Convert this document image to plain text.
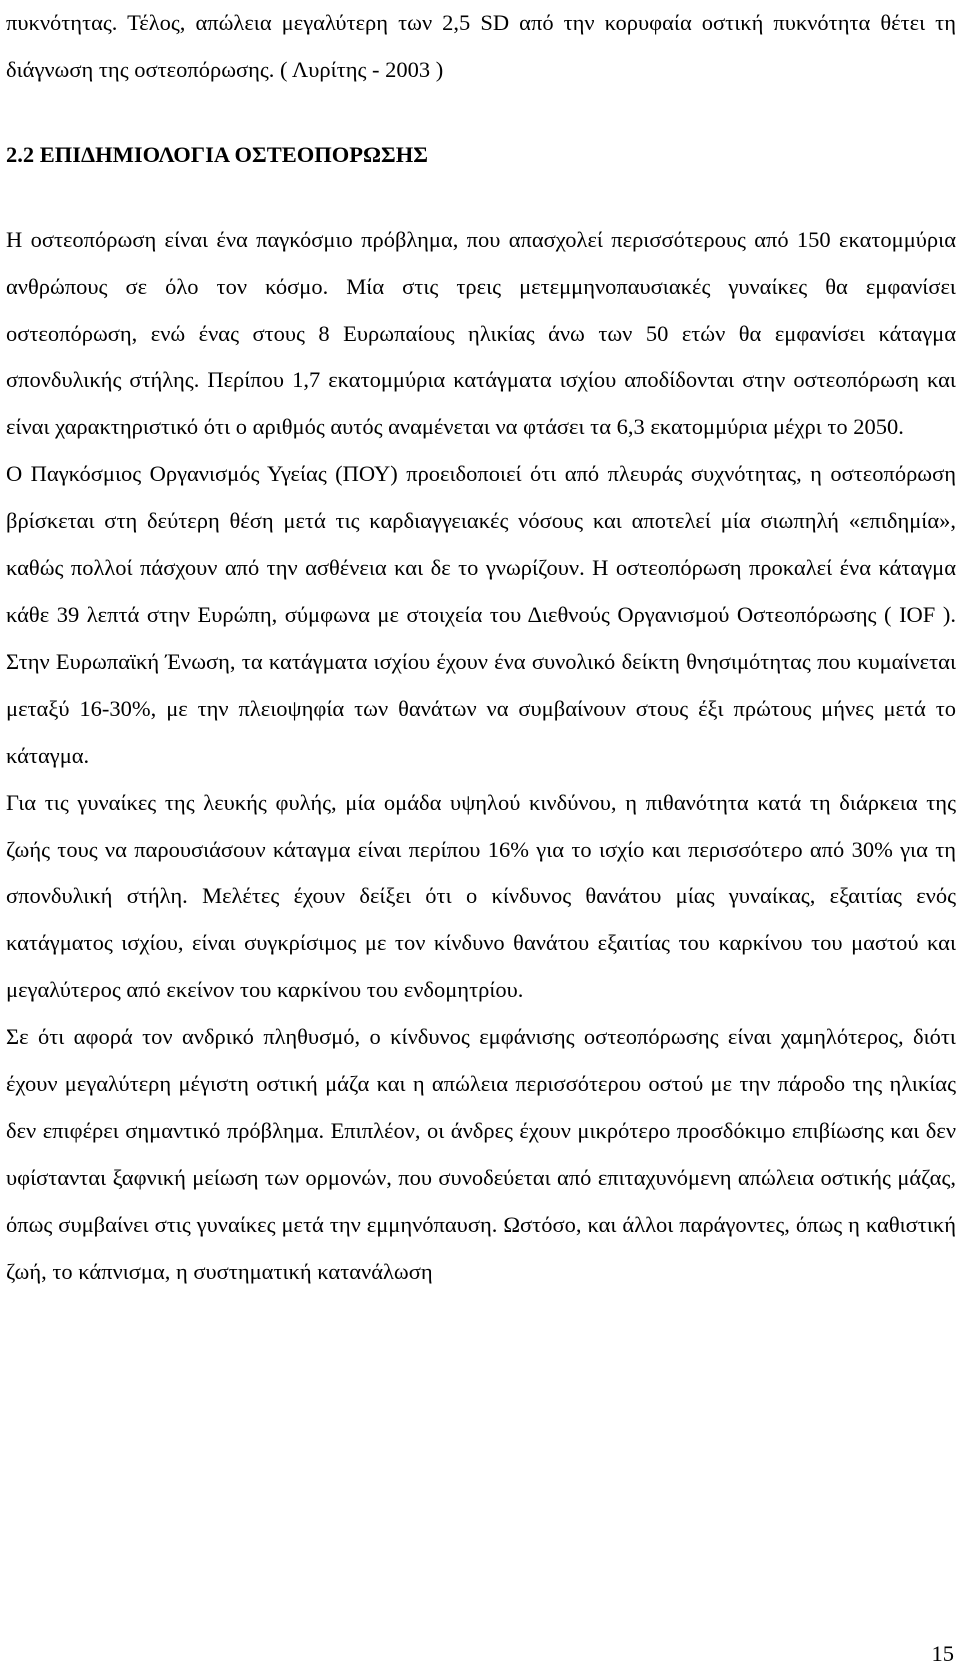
πυκνότητας. Τέλος, απώλεια μεγαλύτερη των 2,5 SD από την κορυφαία οστική πυκνότητα θέτει τη διάγνωση της οστεοπόρωσης. ( Λυρίτης - 2003 )

2.2 ΕΠΙΔΗΜΙΟΛΟΓΙΑ ΟΣΤΕΟΠΟΡΩΣΗΣ

Η οστεοπόρωση είναι ένα παγκόσμιο πρόβλημα, που απασχολεί περισσότερους από 150 εκατομμύρια ανθρώπους σε όλο τον κόσμο. Μία στις τρεις μετεμμηνοπαυσιακές γυναίκες θα εμφανίσει οστεοπόρωση, ενώ ένας στους 8 Ευρωπαίους ηλικίας άνω των 50 ετών θα εμφανίσει κάταγμα σπονδυλικής στήλης. Περίπου 1,7 εκατομμύρια κατάγματα ισχίου αποδίδονται στην οστεοπόρωση και είναι χαρακτηριστικό ότι ο αριθμός αυτός αναμένεται να φτάσει τα 6,3 εκατομμύρια μέχρι το 2050.

Ο Παγκόσμιος Οργανισμός Υγείας (ΠΟΥ) προειδοποιεί ότι από πλευράς συχνότητας, η οστεοπόρωση βρίσκεται στη δεύτερη θέση μετά τις καρδιαγγειακές νόσους και αποτελεί μία σιωπηλή «επιδημία», καθώς πολλοί πάσχουν από την ασθένεια και δε το γνωρίζουν. Η οστεοπόρωση προκαλεί ένα κάταγμα κάθε 39 λεπτά στην Ευρώπη, σύμφωνα με στοιχεία του Διεθνούς Οργανισμού Οστεοπόρωσης ( IOF ). Στην Ευρωπαϊκή Ένωση, τα κατάγματα ισχίου έχουν ένα συνολικό δείκτη θνησιμότητας που κυμαίνεται μεταξύ 16-30%, με την πλειοψηφία των θανάτων να συμβαίνουν στους έξι πρώτους μήνες μετά το κάταγμα.

Για τις γυναίκες της λευκής φυλής, μία ομάδα υψηλού κινδύνου, η πιθανότητα κατά τη διάρκεια της ζωής τους να παρουσιάσουν κάταγμα είναι περίπου 16% για το ισχίο και περισσότερο από 30% για τη σπονδυλική στήλη. Μελέτες έχουν δείξει ότι ο κίνδυνος θανάτου μίας γυναίκας, εξαιτίας ενός κατάγματος ισχίου, είναι συγκρίσιμος με τον κίνδυνο θανάτου εξαιτίας του καρκίνου του μαστού και μεγαλύτερος από εκείνον του καρκίνου του ενδομητρίου.

Σε ότι αφορά τον ανδρικό πληθυσμό, ο κίνδυνος εμφάνισης οστεοπόρωσης είναι χαμηλότερος, διότι έχουν μεγαλύτερη μέγιστη οστική μάζα και η απώλεια περισσότερου οστού με την πάροδο της ηλικίας δεν επιφέρει σημαντικό πρόβλημα. Επιπλέον, οι άνδρες έχουν μικρότερο προσδόκιμο επιβίωσης και δεν υφίστανται ξαφνική μείωση των ορμονών, που συνοδεύεται από επιταχυνόμενη απώλεια οστικής μάζας, όπως συμβαίνει στις γυναίκες μετά την εμμηνόπαυση. Ωστόσο, και άλλοι παράγοντες, όπως η καθιστική ζωή, το κάπνισμα, η συστηματική κατανάλωση

15
